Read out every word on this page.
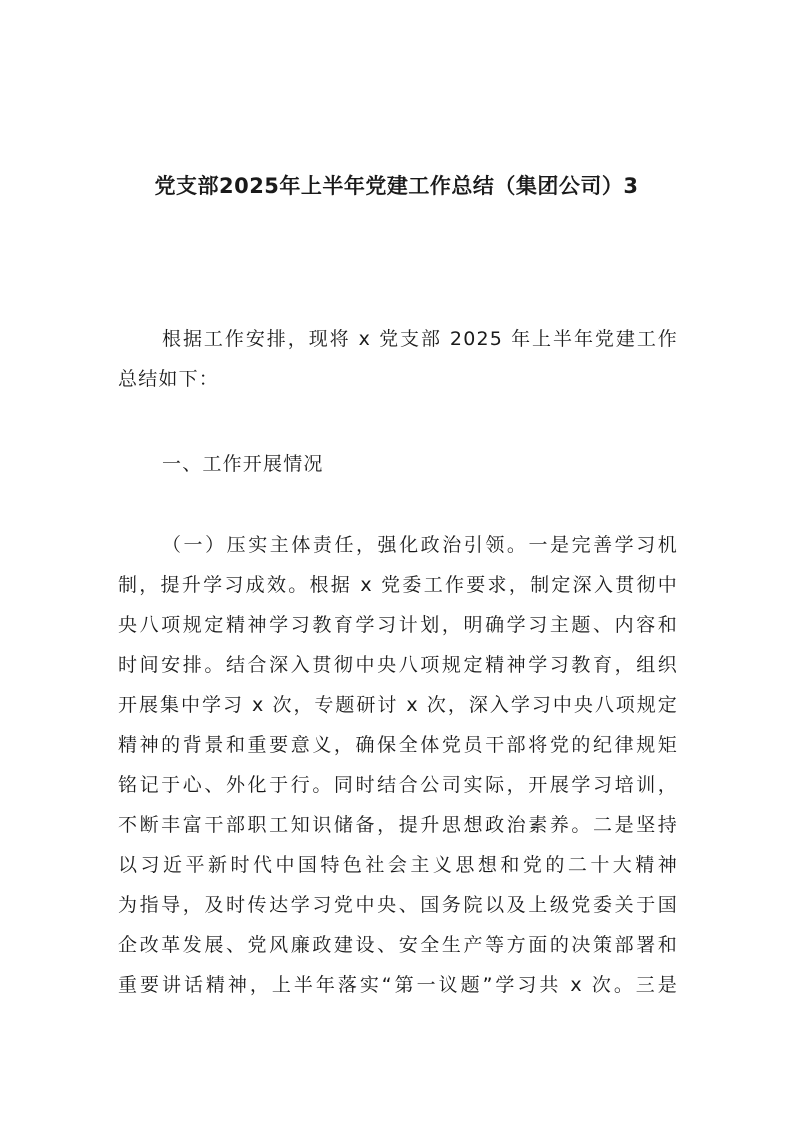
党支部2025年上半年党建工作总结（集团公司）3
根据工作安排，现将 x 党支部 2025 年上半年党建工作
总结如下：
一、工作开展情况
（一）压实主体责任，强化政治引领。一是完善学习机
制，提升学习成效。根据 x 党委工作要求，制定深入贯彻中
央八项规定精神学习教育学习计划，明确学习主题、内容和
时间安排。结合深入贯彻中央八项规定精神学习教育，组织
开展集中学习 x 次，专题研讨 x 次，深入学习中央八项规定
精神的背景和重要意义，确保全体党员干部将党的纪律规矩
铭记于心、外化于行。同时结合公司实际，开展学习培训，
不断丰富干部职工知识储备，提升思想政治素养。二是坚持
以习近平新时代中国特色社会主义思想和党的二十大精神
为指导，及时传达学习党中央、国务院以及上级党委关于国
企改革发展、党风廉政建设、安全生产等方面的决策部署和
重要讲话精神，上半年落实“第一议题”学习共 x 次。三是
